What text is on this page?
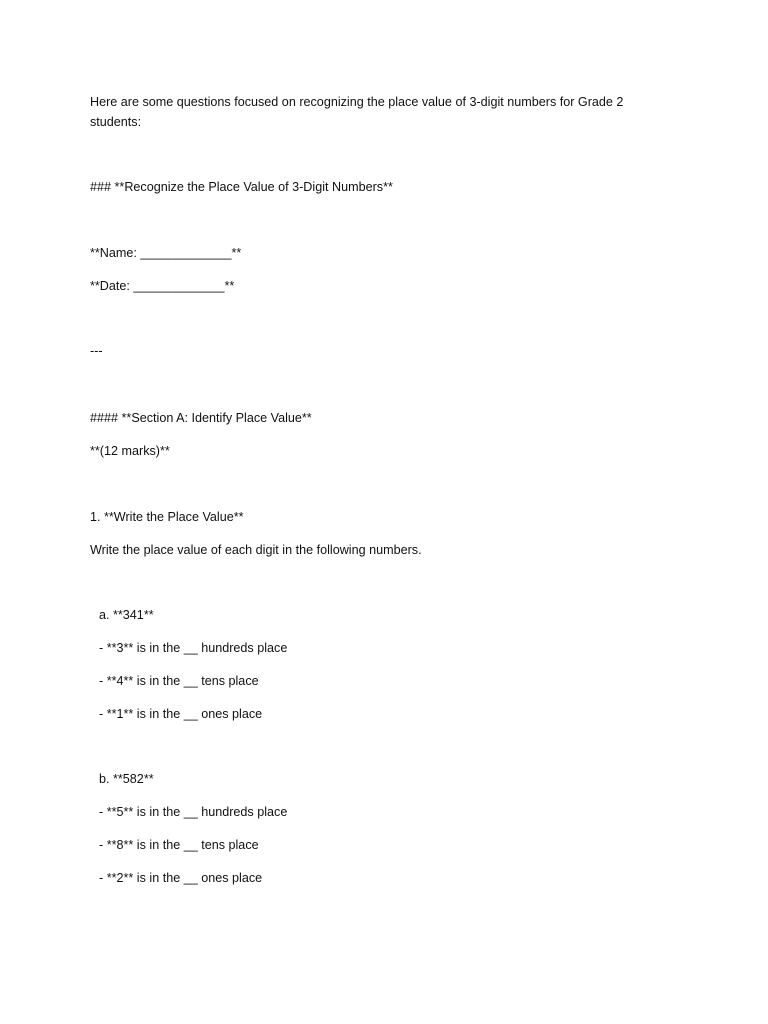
Here are some questions focused on recognizing the place value of 3-digit numbers for Grade 2 students:
### **Recognize the Place Value of 3-Digit Numbers**
**Name: _____________**
**Date: _____________**
---
#### **Section A: Identify Place Value**
**(12 marks)**
1. **Write the Place Value**
Write the place value of each digit in the following numbers.
a. **341**
- **3** is in the __ hundreds place
- **4** is in the __ tens place
- **1** is in the __ ones place
b. **582**
- **5** is in the __ hundreds place
- **8** is in the __ tens place
- **2** is in the __ ones place
